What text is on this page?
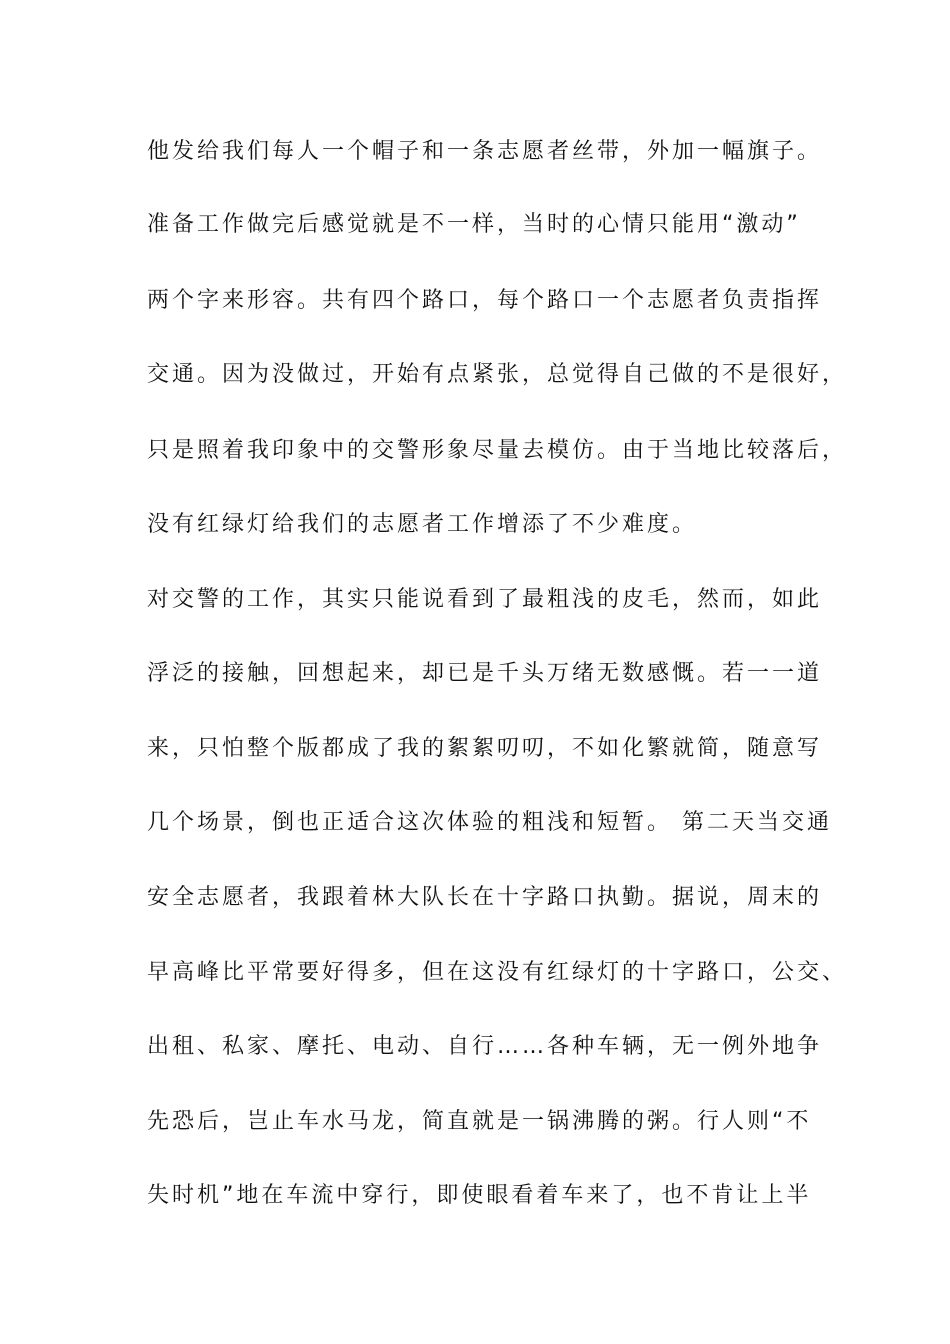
他发给我们每人一个帽子和一条志愿者丝带，外加一幅旗子。
准备工作做完后感觉就是不一样，当时的心情只能用“激动”
两个字来形容。共有四个路口，每个路口一个志愿者负责指挥
交通。因为没做过，开始有点紧张，总觉得自己做的不是很好，
只是照着我印象中的交警形象尽量去模仿。由于当地比较落后，
没有红绿灯给我们的志愿者工作增添了不少难度。
对交警的工作，其实只能说看到了最粗浅的皮毛，然而，如此
浮泛的接触，回想起来，却已是千头万绪无数感慨。若一一道
来，只怕整个版都成了我的絮絮叨叨，不如化繁就简，随意写
几个场景，倒也正适合这次体验的粗浅和短暂。 第二天当交通
安全志愿者，我跟着林大队长在十字路口执勤。据说，周末的
早高峰比平常要好得多，但在这没有红绿灯的十字路口，公交、
出租、私家、摩托、电动、自行……各种车辆，无一例外地争
先恐后，岂止车水马龙，简直就是一锅沸腾的粥。行人则“不
失时机”地在车流中穿行，即使眼看着车来了，也不肯让上半
